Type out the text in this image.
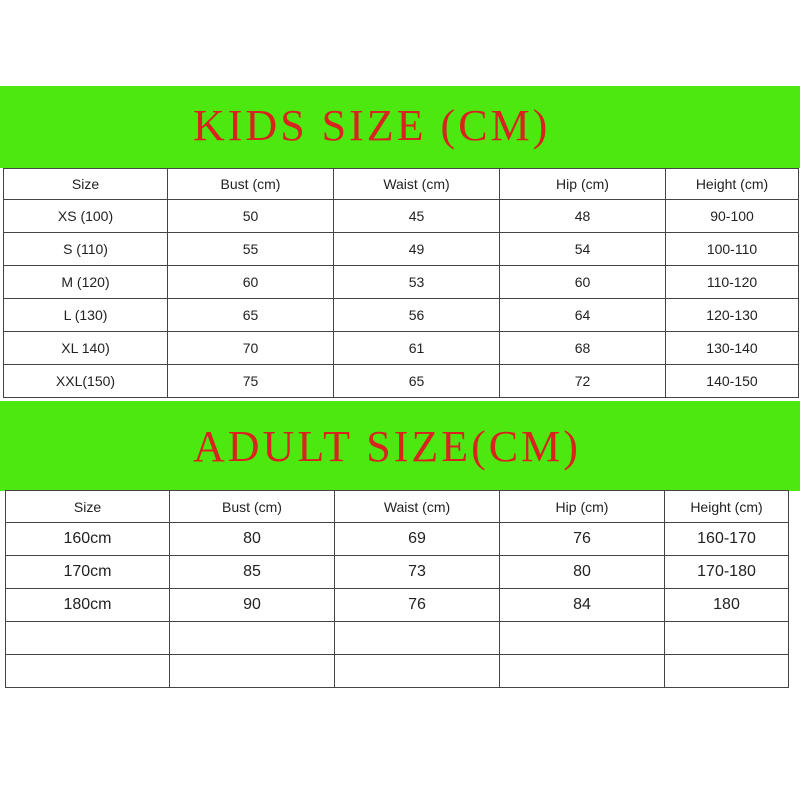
KIDS SIZE (CM)
Size	Bust (cm)	Waist (cm)	Hip (cm)	Height (cm)
XS (100)	50	45	48	90-100
S (110)	55	49	54	100-110
M (120)	60	53	60	110-120
L (130)	65	56	64	120-130
XL 140)	70	61	68	130-140
XXL(150)	75	65	72	140-150
ADULT SIZE(CM)
Size	Bust (cm)	Waist (cm)	Hip (cm)	Height (cm)
160cm	80	69	76	160-170
170cm	85	73	80	170-180
180cm	90	76	84	180
